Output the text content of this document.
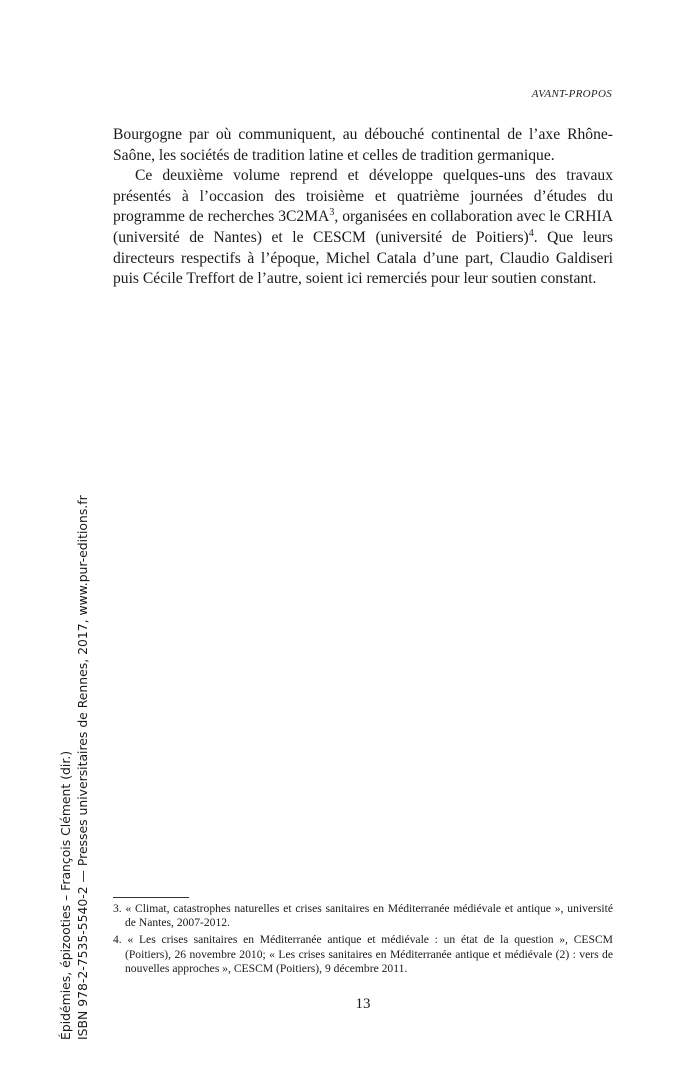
AVANT-PROPOS

Bourgogne par où communiquent, au débouché continental de l’axe Rhône-Saône, les sociétés de tradition latine et celles de tradition germanique.

Ce deuxième volume reprend et développe quelques-uns des travaux présentés à l’occasion des troisième et quatrième journées d’études du programme de recherches $3C2MA^3$, organisées en collaboration avec le CRHIA (université de Nantes) et le CESCM (université de Poitiers)$^4$. Que leurs directeurs respectifs à l’époque, Michel Catala d’une part, Claudio Galdiseri puis Cécile Treffort de l’autre, soient ici remerciés pour leur soutien constant.

3. « Climat, catastrophes naturelles et crises sanitaires en Méditerranée médiévale et antique », université de Nantes, 2007-2012.

4. « Les crises sanitaires en Méditerranée antique et médiévale : un état de la question », CESCM (Poitiers), 26 novembre 2010; « Les crises sanitaires en Méditerranée antique et médiévale (2) : vers de nouvelles approches », CESCM (Poitiers), 9 décembre 2011.

13
Épidémies, épizooties – François Clément (dir.) ISBN 978-2-7535-5540-2 — Presses universitaires de Rennes, 2017, www.pur-editions.fr
